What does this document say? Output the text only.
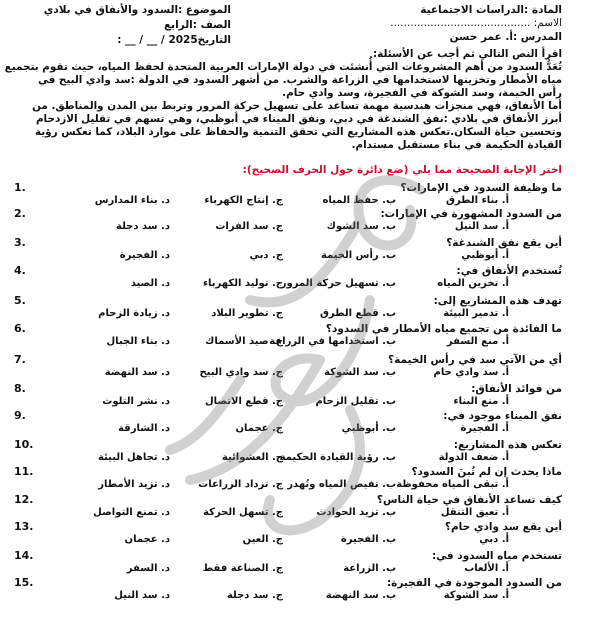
المادة :الدراسات الاجتماعية
الاسم: ..........................................
المدرس :أ. عمر حسن
الموضوع :السدود والأنفاق في بلادي
الصف :الرابع
التاريخ2025 / __ / __ :
اقرأ النص التالي ثم أجب عن الأسئلة:
تُعَدُّ السدود من أهم المشروعات التي أُنشئت في دولة الإمارات العربية المتحدة لحفظ المياه، حيث تقوم بتجميع
مياه الأمطار وتخزينها لاستخدامها في الزراعة والشرب. من أشهر السدود في الدولة :سد وادي البيح في
رأس الخيمة، وسد الشوكة في الفجيرة، وسد وادي حام.
أما الأنفاق، فهي منجزات هندسية مهمة تساعد على تسهيل حركة المرور وتربط بين المدن والمناطق. من
أبرز الأنفاق في بلادي :نفق الشندغة في دبي، ونفق الميناء في أبوظبي، وهي تسهم في تقليل الازدحام
وتحسين حياة السكان.تعكس هذه المشاريع التي تحقق التنمية والحفاظ على موارد البلاد، كما تعكس رؤية
القيادة الحكيمة في بناء مستقبل مستدام.
اختر الإجابة الصحيحة مما يلي (ضع دائرة حول الحرف الصحيح):
1.	ما وظيفة السدود في الإمارات؟
أ. بناء الطرق
ب. حفظ المياه
ج. إنتاج الكهرباء
د. بناء المدارس
2.	من السدود المشهورة في الإمارات:
أ. سد النيل
ب. سد الشوك
ج. سد الفرات
د. سد دجلة
3.	أين يقع نفق الشندغة؟
أ. أبوظبي
ب. رأس الخيمة
ج. دبي
د. الفجيرة
4.	تُستخدم الأنفاق في:
أ. تخزين المياه
ب. تسهيل حركة المرور
ج. توليد الكهرباء
د. الصيد
5.	تهدف هذه المشاريع إلى:
أ. تدمير البيئة
ب. قطع الطرق
ج. تطوير البلاد
د. زيادة الزحام
6.	ما الفائدة من تجميع مياه الأمطار في السدود؟
أ. منع السفر
ب. استخدامها في الزراعة
ج. صيد الأسماك
د. بناء الجبال
7.	أي من الآتي سد في رأس الخيمة؟
أ. سد وادي حام
ب. سد الشوكة
ج. سد وادي البيح
د. سد النهضة
8.	من فوائد الأنفاق:
أ. منع البناء
ب. تقليل الزحام
ج. قطع الاتصال
د. نشر التلوث
9.	نفق الميناء موجود في:
أ. الفجيرة
ب. أبوظبي
ج. عجمان
د. الشارقة
10.	تعكس هذه المشاريع:
أ. ضعف الدولة
ب. رؤية القيادة الحكيمة
ج. العشوائية
د. تجاهل البيئة
11.	ماذا يحدث إن لم تُبنَ السدود؟
أ. تبقى المياه محفوظة
ب. تفيض المياه وتُهدر
ج. تزداد الزراعات
د. تزيد الأمطار
12.	كيف تساعد الأنفاق في حياة الناس؟
أ. تعيق التنقل
ب. تزيد الحوادث
ج. تسهل الحركة
د. تمنع التواصل
13.	أين يقع سد وادي حام؟
أ. دبي
ب. الفجيرة
ج. العين
د. عجمان
14.	تستخدم مياه السدود في:
أ. الألعاب
ب. الزراعة
ج. الصناعة فقط
د. السفر
15.	من السدود الموجودة في الفجيرة:
أ. سد الشوكة
ب. سد النهضة
ج. سد دجلة
د. سد النيل
